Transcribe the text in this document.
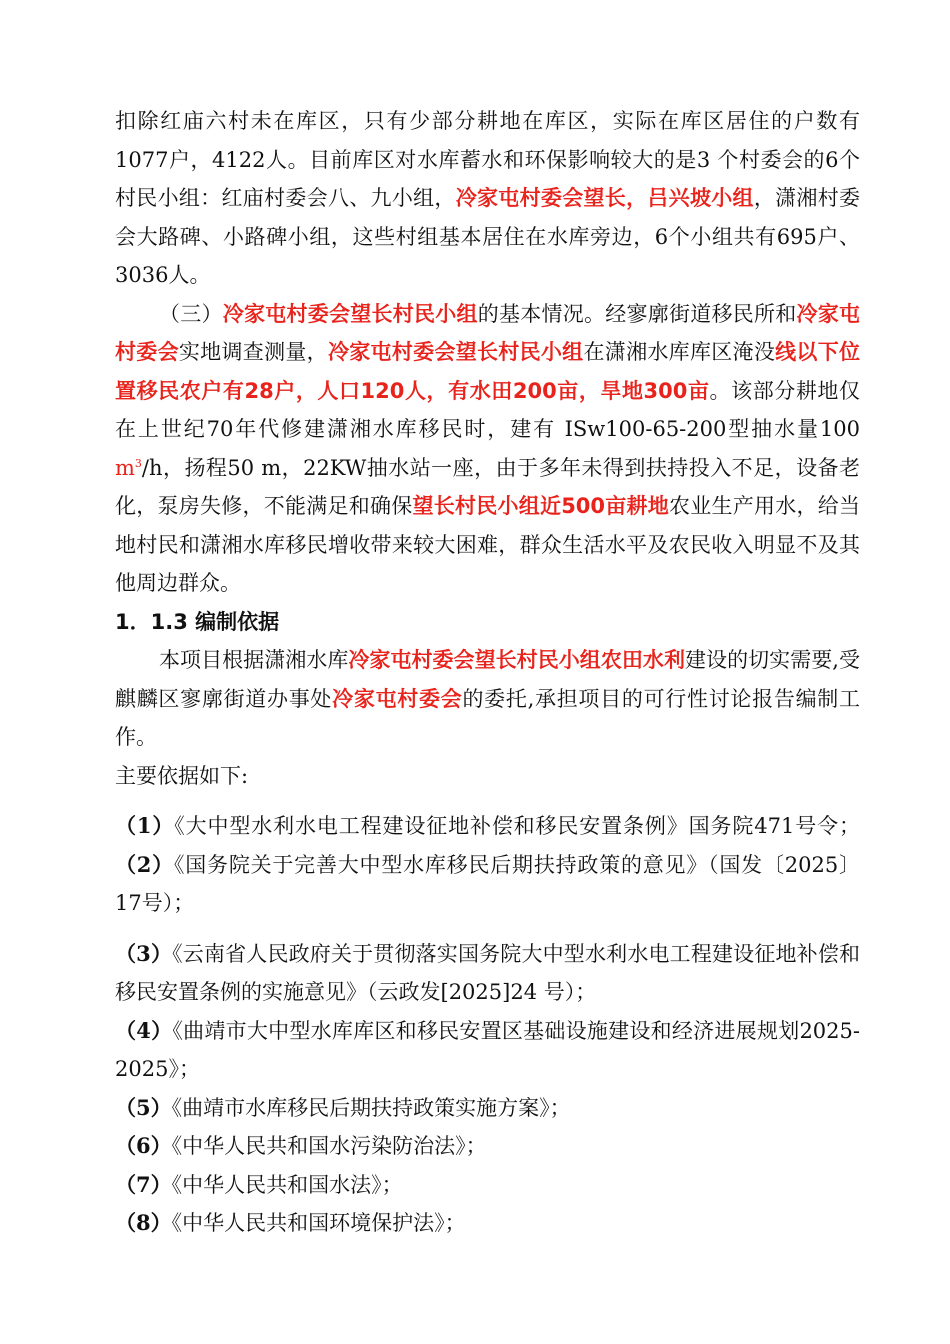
扣除红庙六村未在库区，只有少部分耕地在库区，实际在库区居住的户数有1077户，4122人。目前库区对水库蓄水和环保影响较大的是3 个村委会的6个村民小组：红庙村委会八、九小组，冷家屯村委会望长，吕兴坡小组，潇湘村委会大路碑、小路碑小组，这些村组基本居住在水库旁边，6个小组共有695户、3036人。

（三）冷家屯村委会望长村民小组的基本情况。经寥廓街道移民所和冷家屯村委会实地调查测量，冷家屯村委会望长村民小组在潇湘水库库区淹没线以下位置移民农户有28户，人口120人，有水田200亩，旱地300亩。该部分耕地仅在上世纪70年代修建潇湘水库移民时，建有 ISw100-65-200型抽水量100 $m^3/h$，扬程50 m，22KW抽水站一座，由于多年未得到扶持投入不足，设备老化，泵房失修，不能满足和确保望长村民小组近500亩耕地农业生产用水，给当地村民和潇湘水库移民增收带来较大困难，群众生活水平及农民收入明显不及其他周边群众。

1．1.3 编制依据

本项目根据潇湘水库冷家屯村委会望长村民小组农田水利建设的切实需要,受麒麟区寥廓街道办事处冷家屯村委会的委托,承担项目的可行性讨论报告编制工作。

主要依据如下:

（1）《大中型水利水电工程建设征地补偿和移民安置条例》国务院471号令；（2）《国务院关于完善大中型水库移民后期扶持政策的意见》（国发〔2025〕17号）；

（3）《云南省人民政府关于贯彻落实国务院大中型水利水电工程建设征地补偿和移民安置条例的实施意见》（云政发[2025]24 号）；

（4）《曲靖市大中型水库库区和移民安置区基础设施建设和经济进展规划2025-2025》；

（5）《曲靖市水库移民后期扶持政策实施方案》；

（6）《中华人民共和国水污染防治法》；

（7）《中华人民共和国水法》；

（8）《中华人民共和国环境保护法》；
